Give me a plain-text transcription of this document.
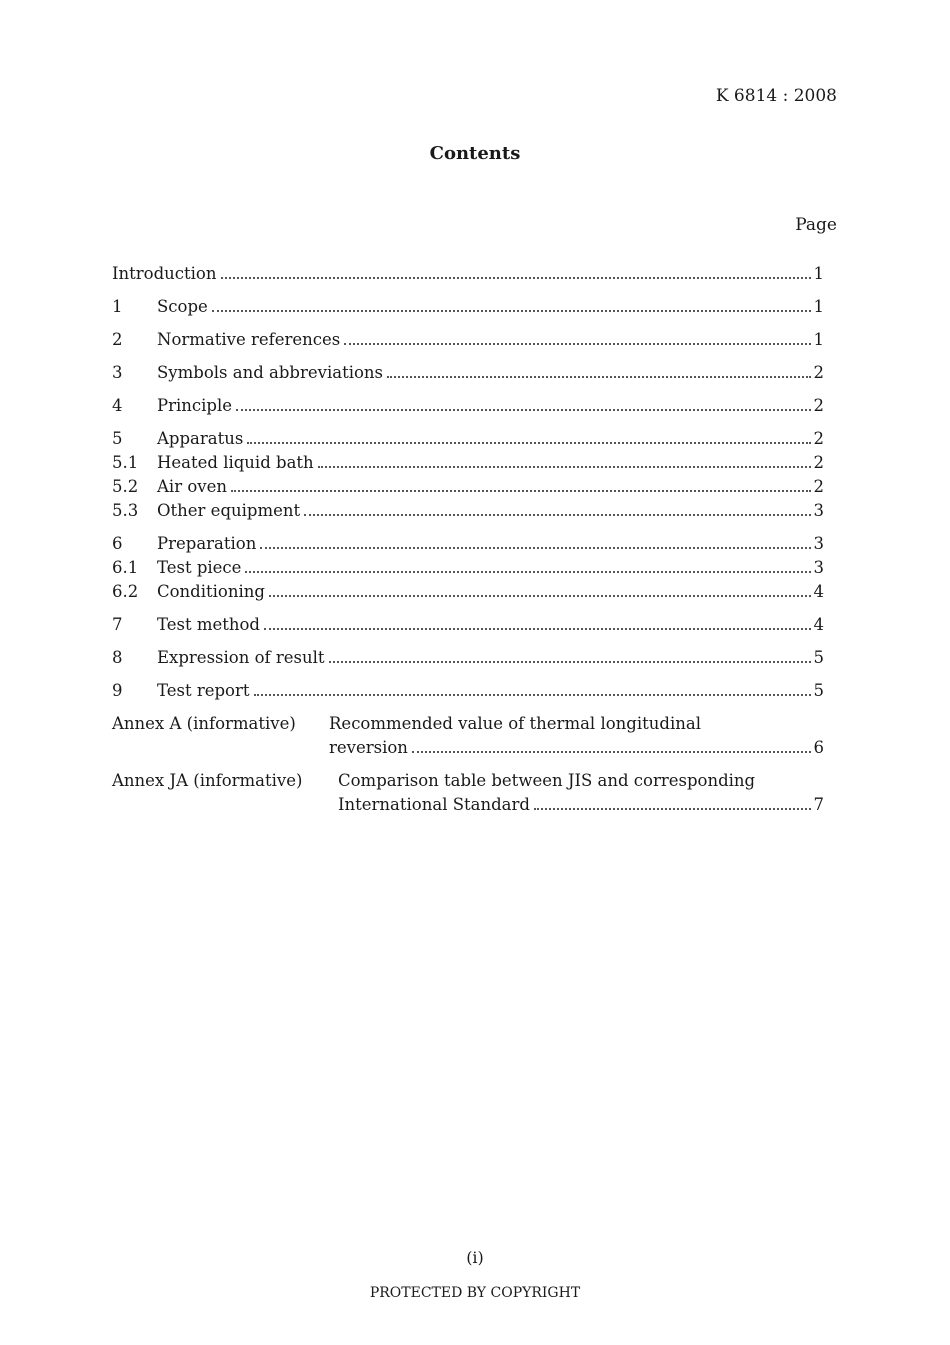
K 6814 : 2008
Contents
Page
Introduction	1
1	Scope	1
2	Normative references	1
3	Symbols and abbreviations	2
4	Principle	2
5	Apparatus	2
5.1	Heated liquid bath	2
5.2	Air oven	2
5.3	Other equipment	3
6	Preparation	3
6.1	Test piece	3
6.2	Conditioning	4
7	Test method	4
8	Expression of result	5
9	Test report	5
Annex A (informative)	Recommended value of thermal longitudinal
reversion	6
Annex JA (informative)	Comparison table between JIS and corresponding
International Standard	7
(i)
PROTECTED BY COPYRIGHT
